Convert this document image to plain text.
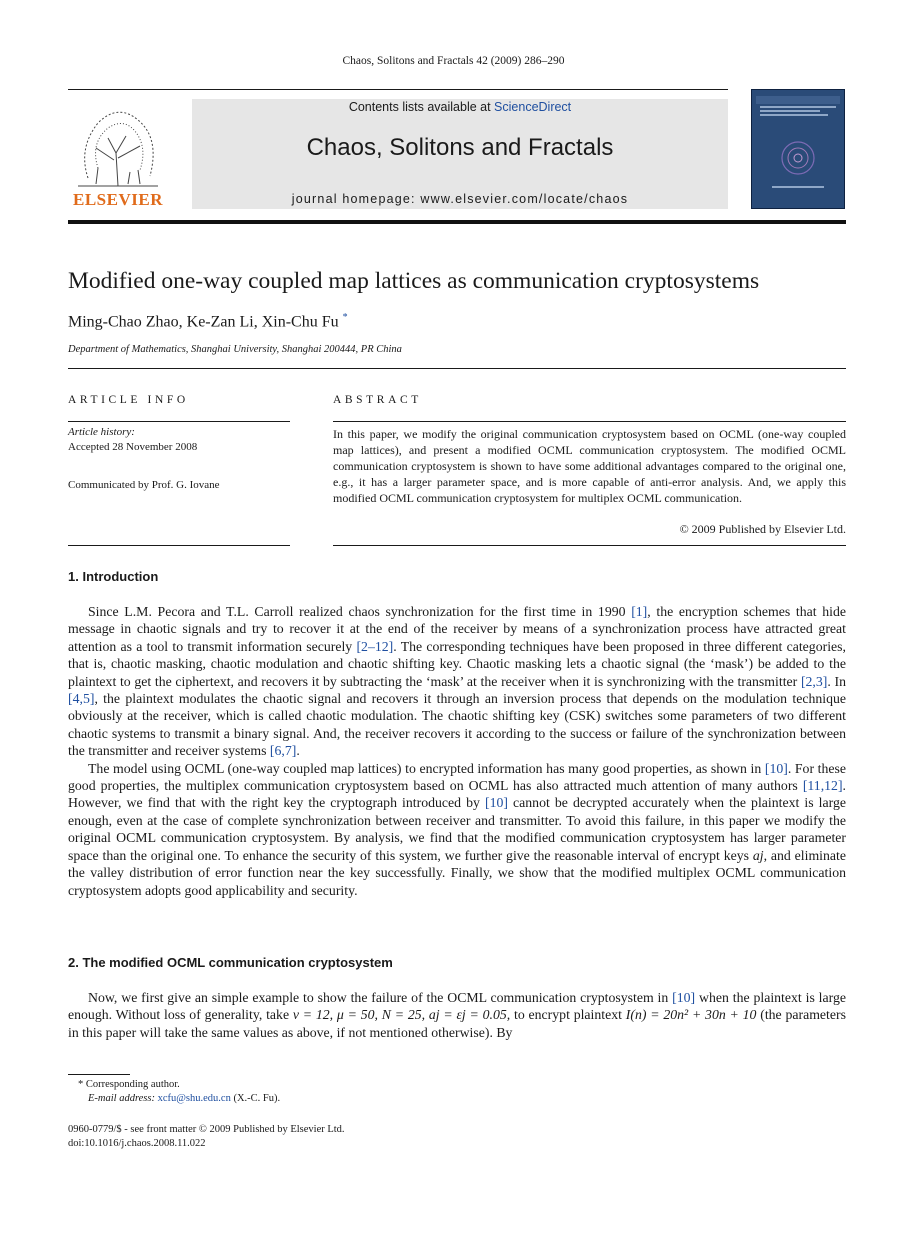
Chaos, Solitons and Fractals 42 (2009) 286–290
ELSEVIER
Contents lists available at ScienceDirect
Chaos, Solitons and Fractals
journal homepage: www.elsevier.com/locate/chaos
Modified one-way coupled map lattices as communication cryptosystems
Ming-Chao Zhao, Ke-Zan Li, Xin-Chu Fu *
Department of Mathematics, Shanghai University, Shanghai 200444, PR China
ARTICLE INFO	ABSTRACT
Article history:
Accepted 28 November 2008
Communicated by Prof. G. Iovane
In this paper, we modify the original communication cryptosystem based on OCML (one-way coupled map lattices), and present a modified OCML communication cryptosystem. The modified OCML communication cryptosystem is shown to have some additional advantages compared to the original one, e.g., it has a larger parameter space, and is more capable of anti-error analysis. And, we apply this modified OCML communication cryptosystem for multiplex OCML communication.
© 2009 Published by Elsevier Ltd.
1. Introduction

Since L.M. Pecora and T.L. Carroll realized chaos synchronization for the first time in 1990 [1], the encryption schemes that hide message in chaotic signals and try to recover it at the end of the receiver by means of a synchronization process have attracted great attention as a tool to transmit information securely [2–12]. The corresponding techniques have been proposed in three different categories, that is, chaotic masking, chaotic modulation and chaotic shifting key. Chaotic masking lets a chaotic signal (the ‘mask’) be added to the plaintext to get the ciphertext, and recovers it by subtracting the ‘mask’ at the receiver when it is synchronizing with the transmitter [2,3]. In [4,5], the plaintext modulates the chaotic signal and recovers it through an inversion process that depends on the modulation technique obviously at the receiver, which is called chaotic modulation. The chaotic shifting key (CSK) switches some parameters of two different chaotic systems to transmit a binary signal. And, the receiver recovers it according to the success or failure of the synchronization between the transmitter and receiver systems [6,7].

The model using OCML (one-way coupled map lattices) to encrypted information has many good properties, as shown in [10]. For these good properties, the multiplex communication cryptosystem based on OCML has also attracted much attention of many authors [11,12]. However, we find that with the right key the cryptograph introduced by [10] cannot be decrypted accurately when the plaintext is large enough, even at the case of complete synchronization between receiver and transmitter. To avoid this failure, in this paper we modify the original OCML communication cryptosystem. By analysis, we find that the modified communication cryptosystem has larger parameter space than the original one. To enhance the security of this system, we further give the reasonable interval of encrypt keys aj, and eliminate the valley distribution of error function near the key successfully. Finally, we show that the modified multiplex OCML communication cryptosystem adopts good applicability and security.

2. The modified OCML communication cryptosystem

Now, we first give an simple example to show the failure of the OCML communication cryptosystem in [10] when the plaintext is large enough. Without loss of generality, take v = 12, μ = 50, N = 25, aj = εj = 0.05, to encrypt plaintext I(n) = 20n² + 30n + 10 (the parameters in this paper will take the same values as above, if not mentioned otherwise). By

* Corresponding author.
E-mail address: xcfu@shu.edu.cn (X.-C. Fu).
0960-0779/$ - see front matter © 2009 Published by Elsevier Ltd.
doi:10.1016/j.chaos.2008.11.022
